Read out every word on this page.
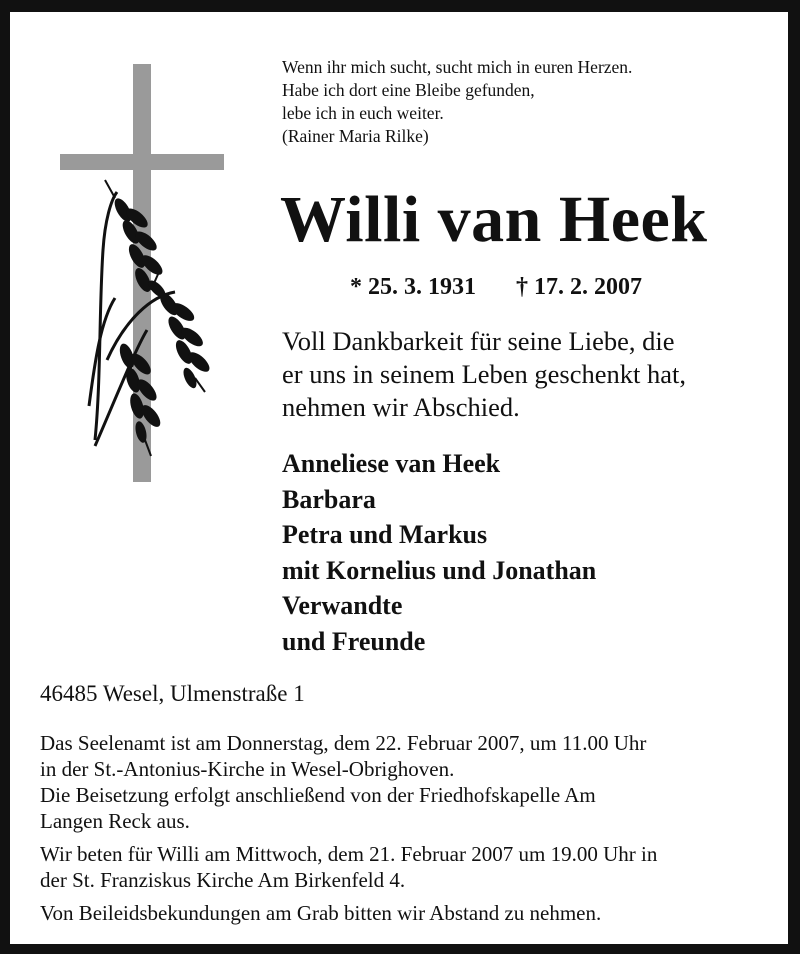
Wenn ihr mich sucht, sucht mich in euren Herzen.
Habe ich dort eine Bleibe gefunden,
lebe ich in euch weiter.
(Rainer Maria Rilke)
Willi van Heek
* 25. 3. 1931 † 17. 2. 2007
Voll Dankbarkeit für seine Liebe, die
er uns in seinem Leben geschenkt hat,
nehmen wir Abschied.
Anneliese van Heek
Barbara
Petra und Markus
mit Kornelius und Jonathan
Verwandte
und Freunde
46485 Wesel, Ulmenstraße 1

Das Seelenamt ist am Donnerstag, dem 22. Februar 2007, um 11.00 Uhr
in der St.-Antonius-Kirche in Wesel-Obrighoven.
Die Beisetzung erfolgt anschließend von der Friedhofskapelle Am
Langen Reck aus.

Wir beten für Willi am Mittwoch, dem 21. Februar 2007 um 19.00 Uhr in
der St. Franziskus Kirche Am Birkenfeld 4.

Von Beileidsbekundungen am Grab bitten wir Abstand zu nehmen.
